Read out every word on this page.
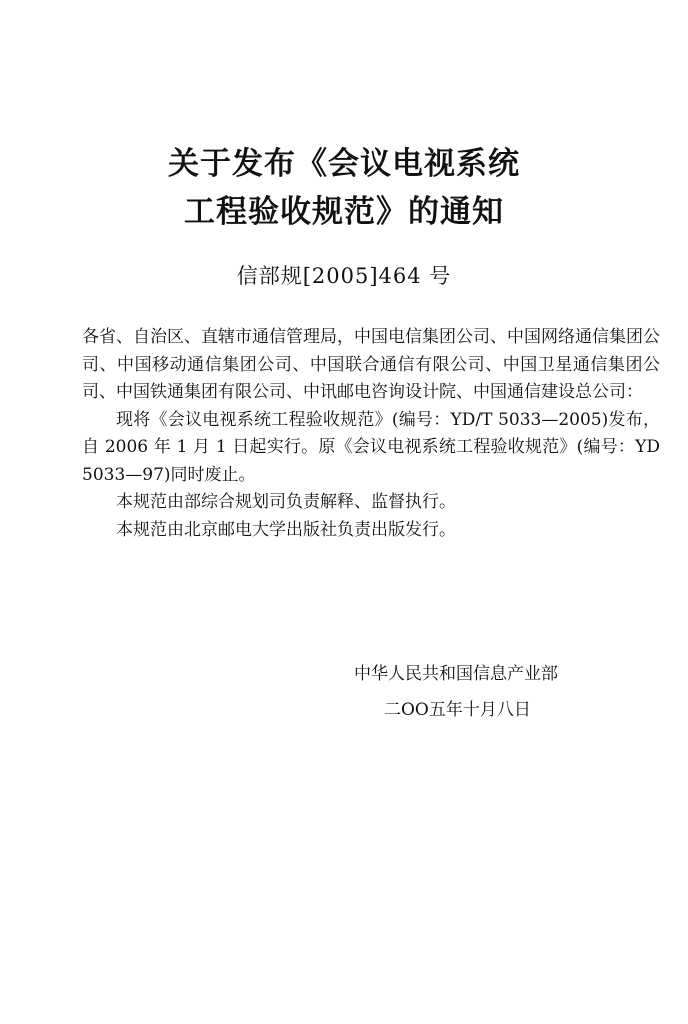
关于发布《会议电视系统
工程验收规范》的通知
信部规[2005]464 号

各省、自治区、直辖市通信管理局，中国电信集团公司、中国网络通信集团公司、中国移动通信集团公司、中国联合通信有限公司、中国卫星通信集团公司、中国铁通集团有限公司、中讯邮电咨询设计院、中国通信建设总公司：

现将《会议电视系统工程验收规范》(编号：YD/T 5033—2005)发布，自 2006 年 1 月 1 日起实行。原《会议电视系统工程验收规范》(编号：YD 5033—97)同时废止。

本规范由部综合规划司负责解释、监督执行。

本规范由北京邮电大学出版社负责出版发行。

中华人民共和国信息产业部
二OO五年十月八日
